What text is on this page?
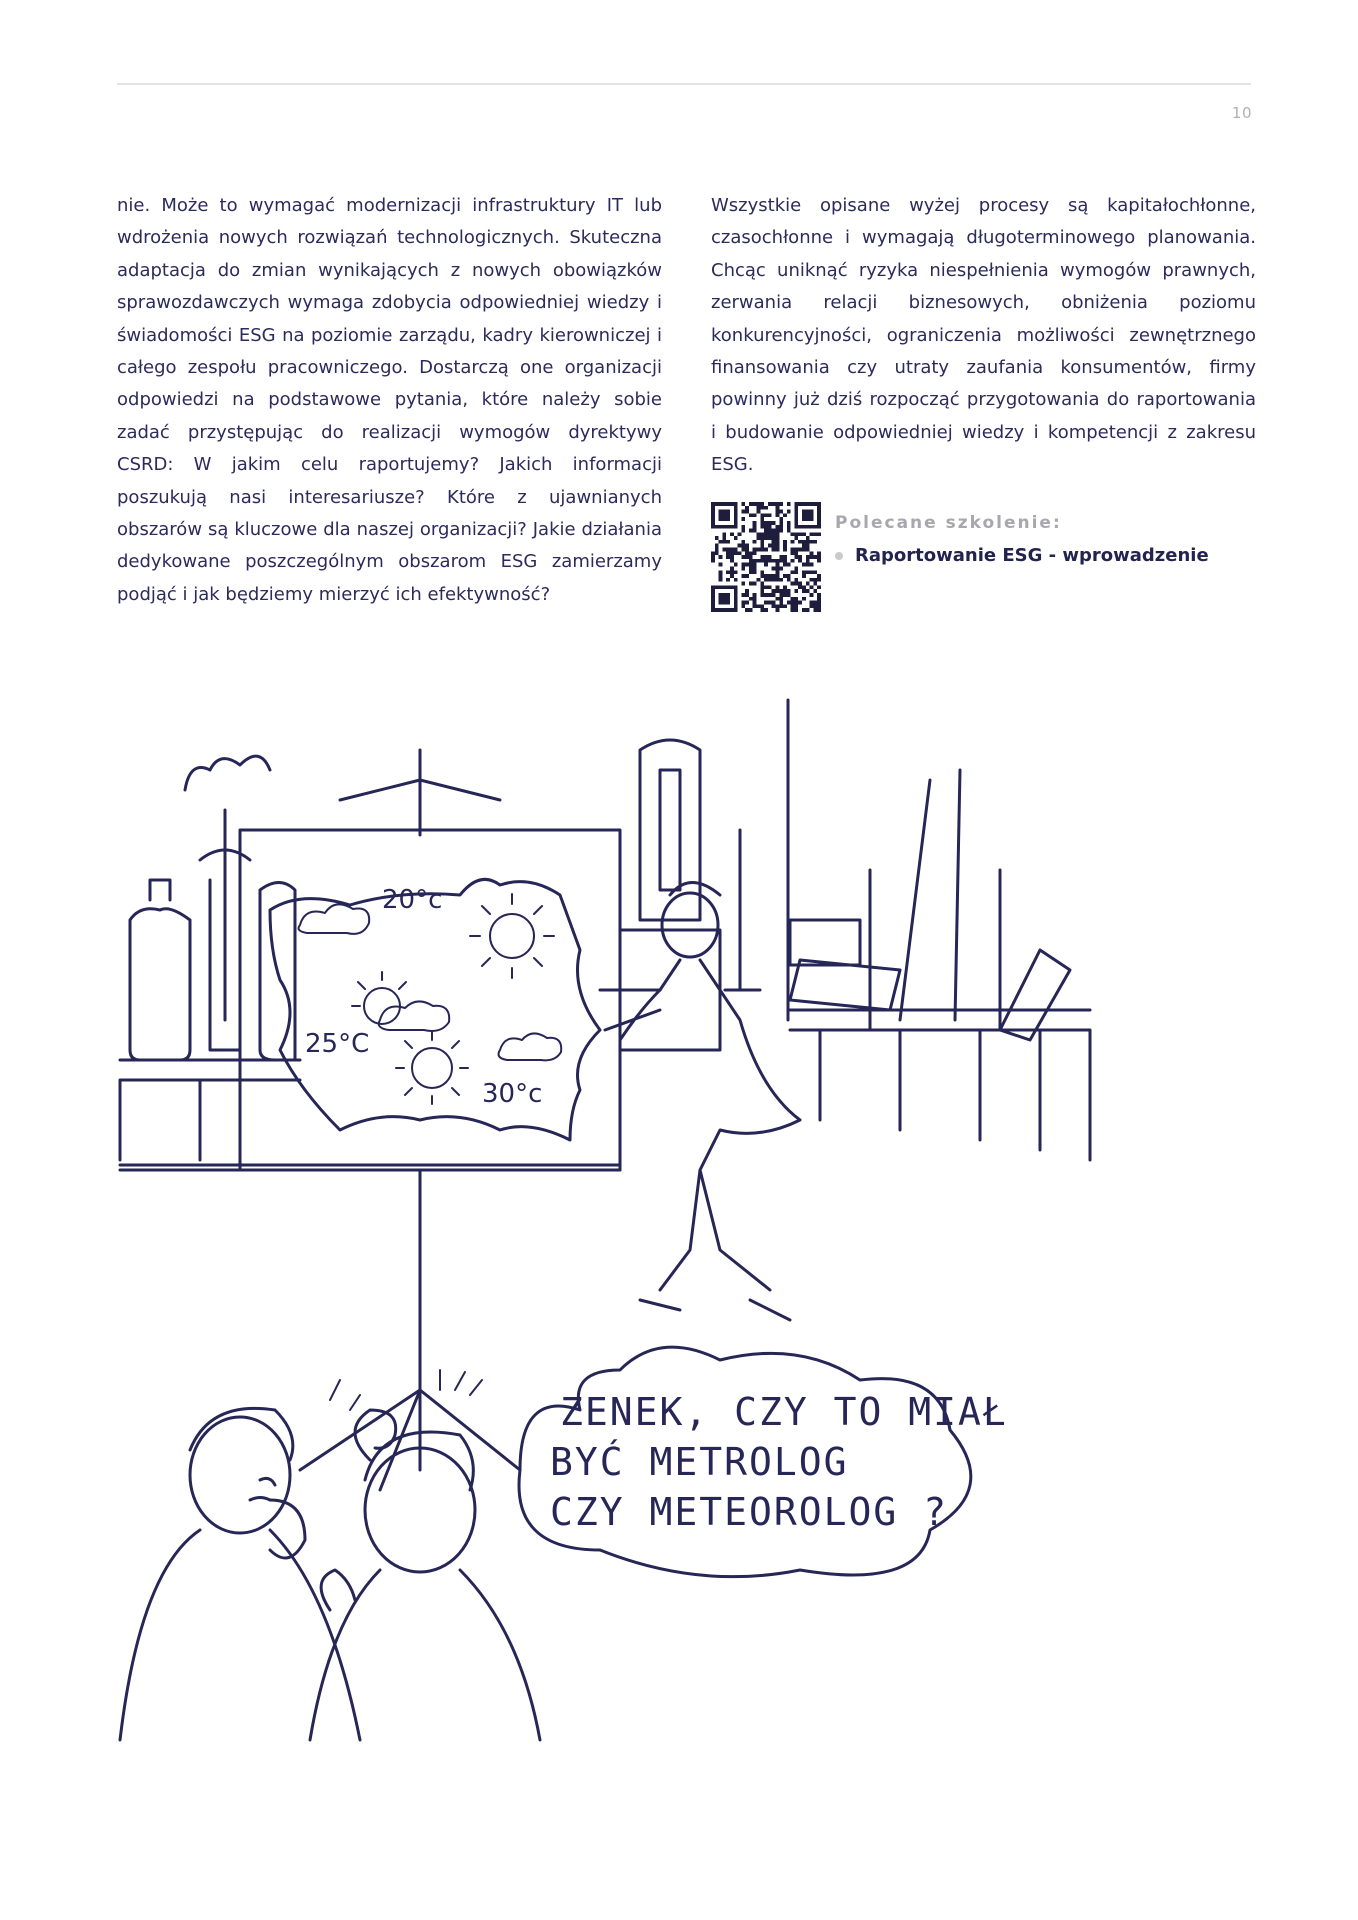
10

nie. Może to wymagać modernizacji infrastruktury IT lub wdrożenia nowych rozwiązań technologicznych. Skuteczna adaptacja do zmian wynikających z nowych obowiązków sprawozdawczych wymaga zdobycia odpowiedniej wiedzy i świadomości ESG na poziomie zarządu, kadry kierowniczej i całego zespołu pracowniczego. Dostarczą one organizacji odpowiedzi na podstawowe pytania, które należy sobie zadać przystępując do realizacji wymogów dyrektywy CSRD: W jakim celu raportujemy? Jakich informacji poszukują nasi interesariusze? Które z ujawnianych obszarów są kluczowe dla naszej organizacji? Jakie działania dedykowane poszczególnym obszarom ESG zamierzamy podjąć i jak będziemy mierzyć ich efektywność?

Wszystkie opisane wyżej procesy są kapitałochłonne, czasochłonne i wymagają długoterminowego planowania. Chcąc uniknąć ryzyka niespełnienia wymogów prawnych, zerwania relacji biznesowych, obniżenia poziomu konkurencyjności, ograniczenia możliwości zewnętrznego finansowania czy utraty zaufania konsumentów, firmy powinny już dziś rozpocząć przygotowania do raportowania i budowanie odpowiedniej wiedzy i kompetencji z zakresu ESG.

Polecane szkolenie:
Raportowanie ESG - wprowadzenie
20°c
25°C
30°c
ZENEK, CZY TO MIAŁ
BYĆ METROLOG
CZY METEOROLOG ?
